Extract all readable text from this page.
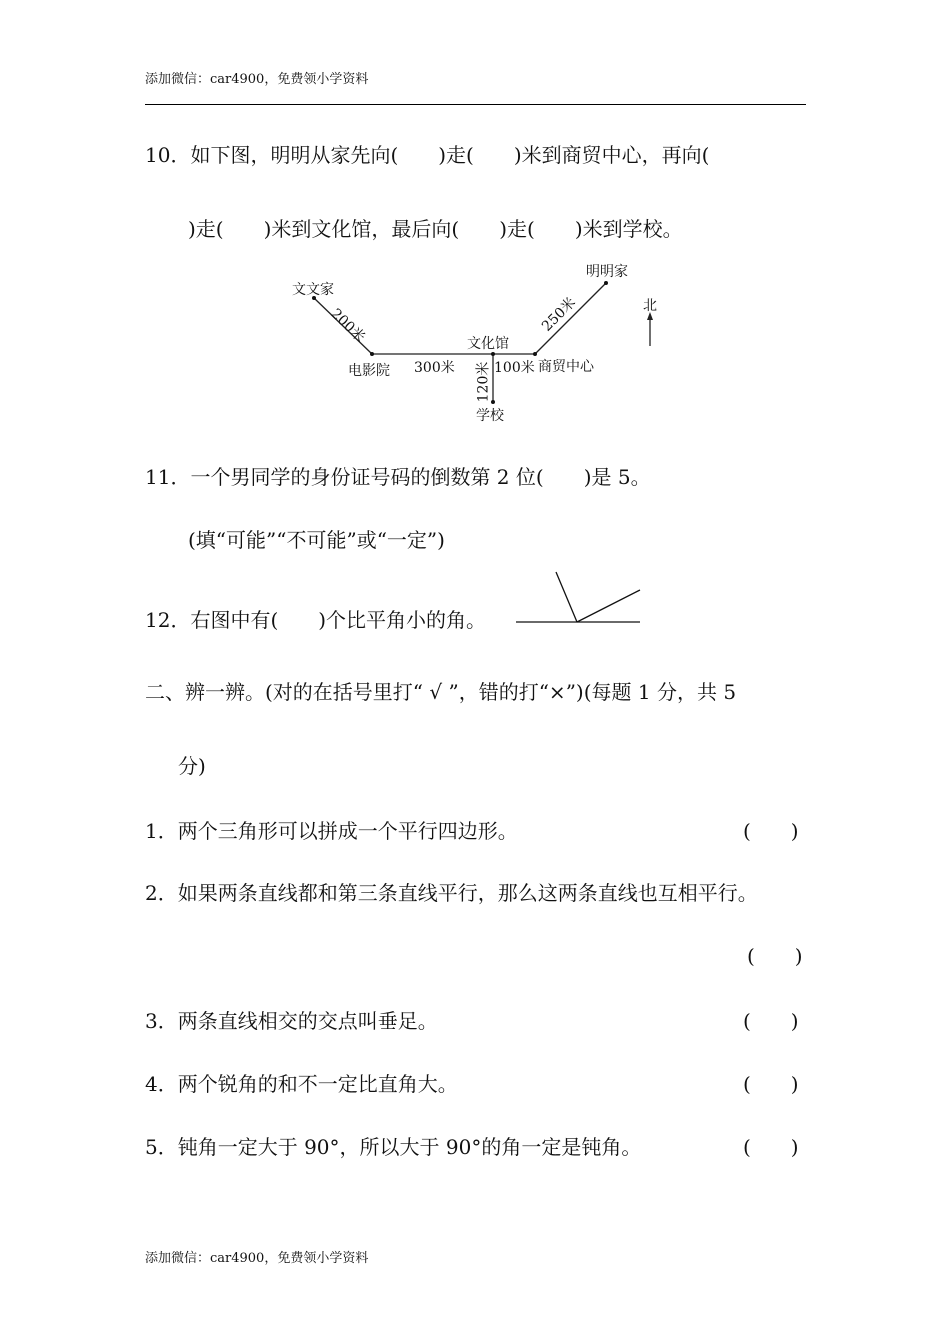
添加微信：car4900，免费领小学资料
10．如下图，明明从家先向(　　)走(　　)米到商贸中心，再向(
)走(　　)米到文化馆，最后向(　　)走(　　)米到学校。
文文家
200米
电影院 300米
文化馆
120米 100米 商贸中心
250米
明明家
学校
北
11．一个男同学的身份证号码的倒数第 2 位(　　)是 5。
(填“可能”“不可能”或“一定”)
12．右图中有(　　)个比平角小的角。
二、辨一辨。(对的在括号里打“ √ ”，错的打“×”)(每题 1 分，共 5
分)
1．两个三角形可以拼成一个平行四边形。	(　　)
2．如果两条直线都和第三条直线平行，那么这两条直线也互相平行。
(　　)
3．两条直线相交的交点叫垂足。	(　　)
4．两个锐角的和不一定比直角大。	(　　)
5．钝角一定大于 90°，所以大于 90°的角一定是钝角。	(　　)
添加微信：car4900，免费领小学资料
